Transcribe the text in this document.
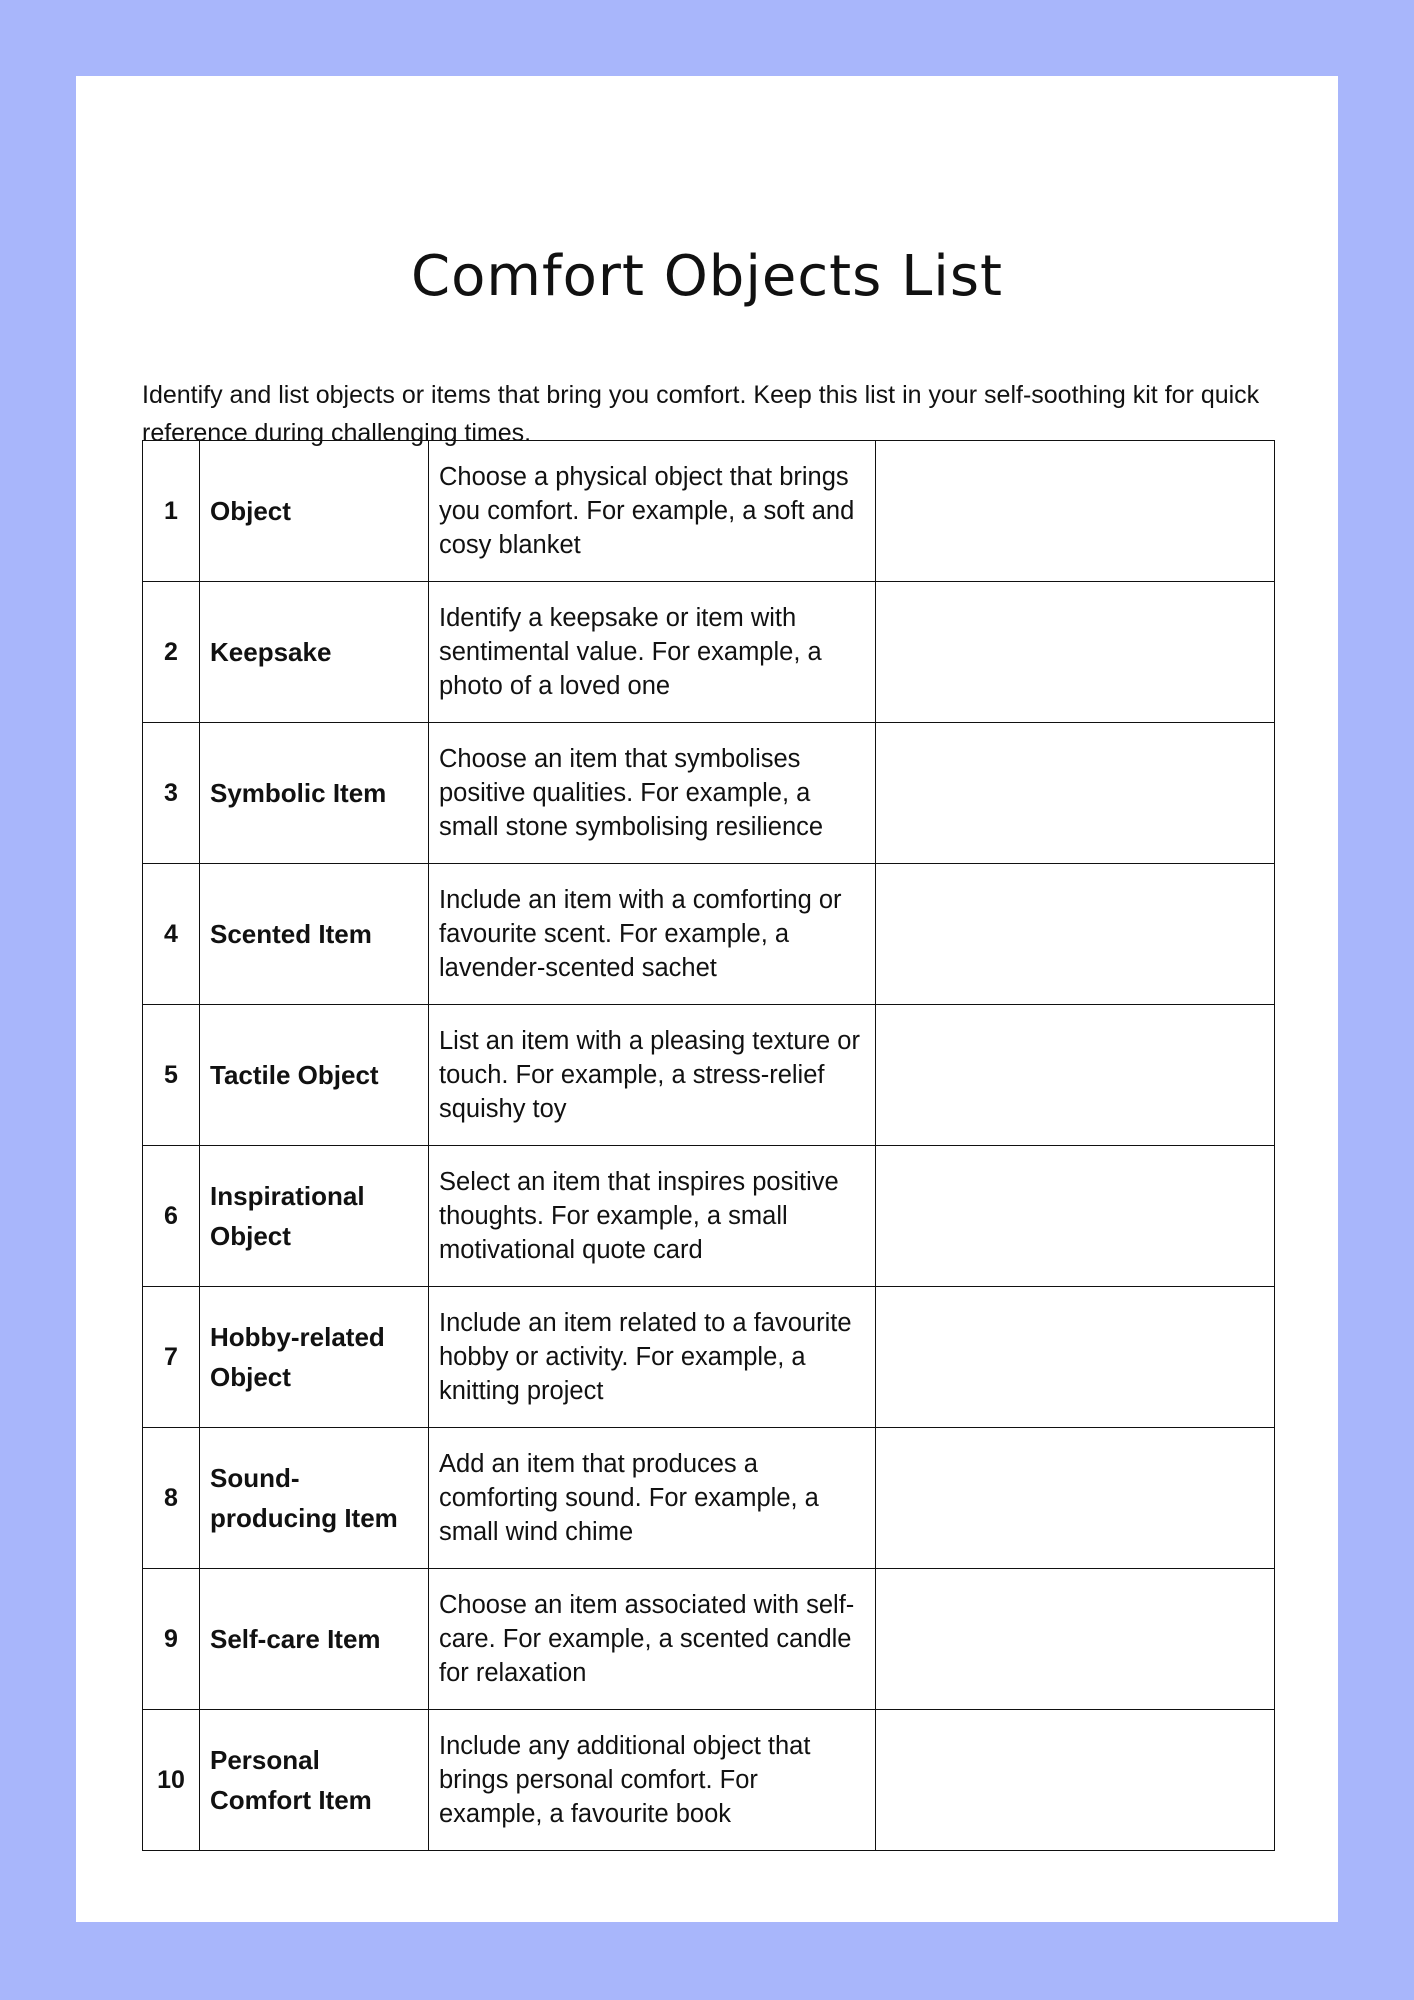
Comfort Objects List

Identify and list objects or items that bring you comfort. Keep this list in your self-soothing kit for quick reference during challenging times.

1	Object	Choose a physical object that brings you comfort. For example, a soft and cosy blanket	
2	Keepsake	Identify a keepsake or item with sentimental value. For example, a photo of a loved one	
3	Symbolic Item	Choose an item that symbolises positive qualities. For example, a small stone symbolising resilience	
4	Scented Item	Include an item with a comforting or favourite scent. For example, a lavender-scented sachet	
5	Tactile Object	List an item with a pleasing texture or touch. For example, a stress-relief squishy toy	
6	Inspirational Object	Select an item that inspires positive thoughts. For example, a small motivational quote card	
7	Hobby-related Object	Include an item related to a favourite hobby or activity. For example, a knitting project	
8	Sound-producing Item	Add an item that produces a comforting sound. For example, a small wind chime	
9	Self-care Item	Choose an item associated with self-care. For example, a scented candle for relaxation	
10	Personal Comfort Item	Include any additional object that brings personal comfort. For example, a favourite book	
